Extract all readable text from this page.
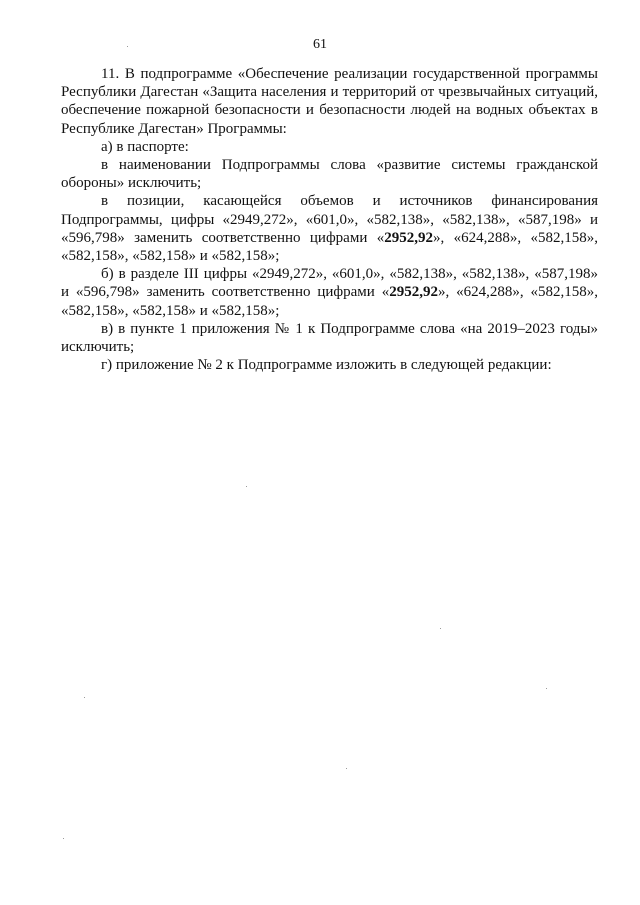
61

11. В подпрограмме «Обеспечение реализации государственной программы Республики Дагестан «Защита населения и территорий от чрезвычайных ситуаций, обеспечение пожарной безопасности и безопасности людей на водных объектах в Республике Дагестан» Программы:

а) в паспорте:

в наименовании Подпрограммы слова «развитие системы гражданской обороны» исключить;

в позиции, касающейся объемов и источников финансирования Подпрограммы, цифры «2949,272», «601,0», «582,138», «582,138», «587,198» и «596,798» заменить соответственно цифрами «2952,92», «624,288», «582,158», «582,158», «582,158» и «582,158»;

б) в разделе III цифры «2949,272», «601,0», «582,138», «582,138», «587,198» и «596,798» заменить соответственно цифрами «2952,92», «624,288», «582,158», «582,158», «582,158» и «582,158»;

в) в пункте 1 приложения № 1 к Подпрограмме слова «на 2019–2023 годы» исключить;

г) приложение № 2 к Подпрограмме изложить в следующей редакции:
